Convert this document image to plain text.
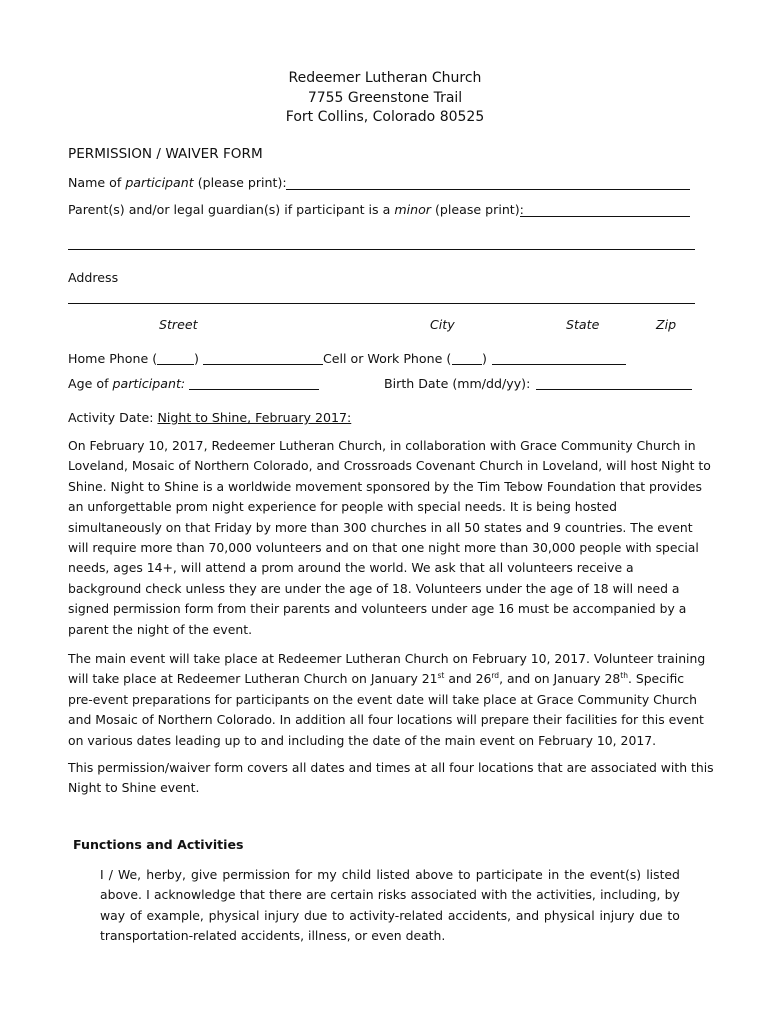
Redeemer Lutheran Church
7755 Greenstone Trail
Fort Collins, Colorado 80525
PERMISSION / WAIVER FORM
Name of participant (please print):
Parent(s) and/or legal guardian(s) if participant is a minor (please print):
Address
Street	City	State	Zip
Home Phone (	)	Cell or Work Phone ( )
Age of participant:	Birth Date (mm/dd/yy):
Activity Date: Night to Shine, February 2017:
On February 10, 2017, Redeemer Lutheran Church, in collaboration with Grace Community Church in
Loveland, Mosaic of Northern Colorado, and Crossroads Covenant Church in Loveland, will host Night to
Shine. Night to Shine is a worldwide movement sponsored by the Tim Tebow Foundation that provides
an unforgettable prom night experience for people with special needs. It is being hosted
simultaneously on that Friday by more than 300 churches in all 50 states and 9 countries. The event
will require more than 70,000 volunteers and on that one night more than 30,000 people with special
needs, ages 14+, will attend a prom around the world. We ask that all volunteers receive a
background check unless they are under the age of 18. Volunteers under the age of 18 will need a
signed permission form from their parents and volunteers under age 16 must be accompanied by a
parent the night of the event.
The main event will take place at Redeemer Lutheran Church on February 10, 2017. Volunteer training
will take place at Redeemer Lutheran Church on January 21st and 26rd, and on January 28th. Specific
pre-event preparations for participants on the event date will take place at Grace Community Church
and Mosaic of Northern Colorado. In addition all four locations will prepare their facilities for this event
on various dates leading up to and including the date of the main event on February 10, 2017.
This permission/waiver form covers all dates and times at all four locations that are associated with this
Night to Shine event.
Functions and Activities
I / We, herby, give permission for my child listed above to participate in the event(s) listed
above. I acknowledge that there are certain risks associated with the activities, including, by
way of example, physical injury due to activity-related accidents, and physical injury due to
transportation-related accidents, illness, or even death.
